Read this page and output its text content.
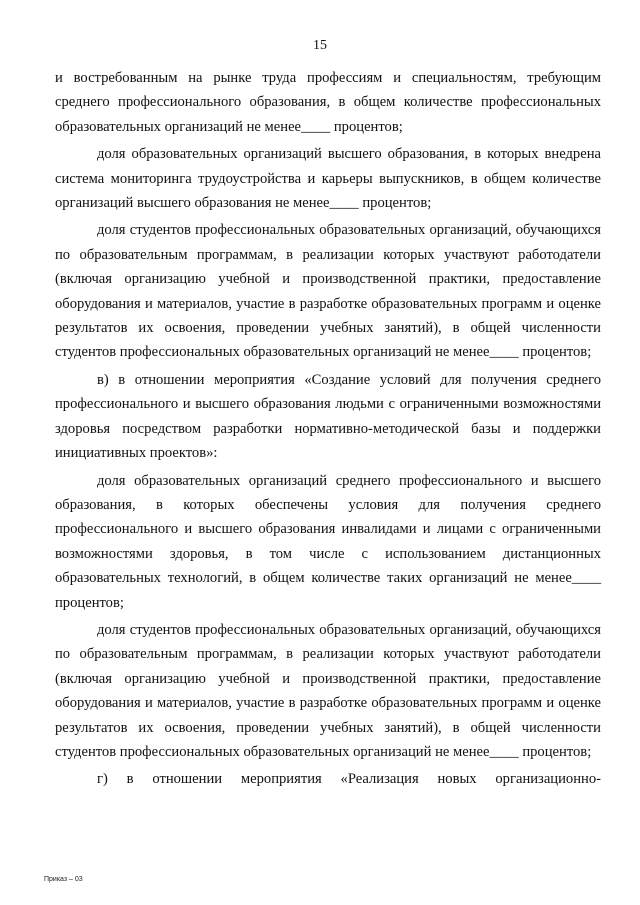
15

и востребованным на рынке труда профессиям и специальностям, требующим среднего профессионального образования, в общем количестве профессиональных образовательных организаций не менее____ процентов;

доля образовательных организаций высшего образования, в которых внедрена система мониторинга трудоустройства и карьеры выпускников, в общем количестве организаций высшего образования не менее____ процентов;

доля студентов профессиональных образовательных организаций, обучающихся по образовательным программам, в реализации которых участвуют работодатели (включая организацию учебной и производственной практики, предоставление оборудования и материалов, участие в разработке образовательных программ и оценке результатов их освоения, проведении учебных занятий), в общей численности студентов профессиональных образовательных организаций не менее____ процентов;

в) в отношении мероприятия «Создание условий для получения среднего профессионального и высшего образования людьми с ограниченными возможностями здоровья посредством разработки нормативно-методической базы и поддержки инициативных проектов»:

доля образовательных организаций среднего профессионального и высшего образования, в которых обеспечены условия для получения среднего профессионального и высшего образования инвалидами и лицами с ограниченными возможностями здоровья, в том числе с использованием дистанционных образовательных технологий, в общем количестве таких организаций не менее____ процентов;

доля студентов профессиональных образовательных организаций, обучающихся по образовательным программам, в реализации которых участвуют работодатели (включая организацию учебной и производственной практики, предоставление оборудования и материалов, участие в разработке образовательных программ и оценке результатов их освоения, проведении учебных занятий), в общей численности студентов профессиональных образовательных организаций не менее____ процентов;

г) в отношении мероприятия «Реализация новых организационно-

Приказ – 03
